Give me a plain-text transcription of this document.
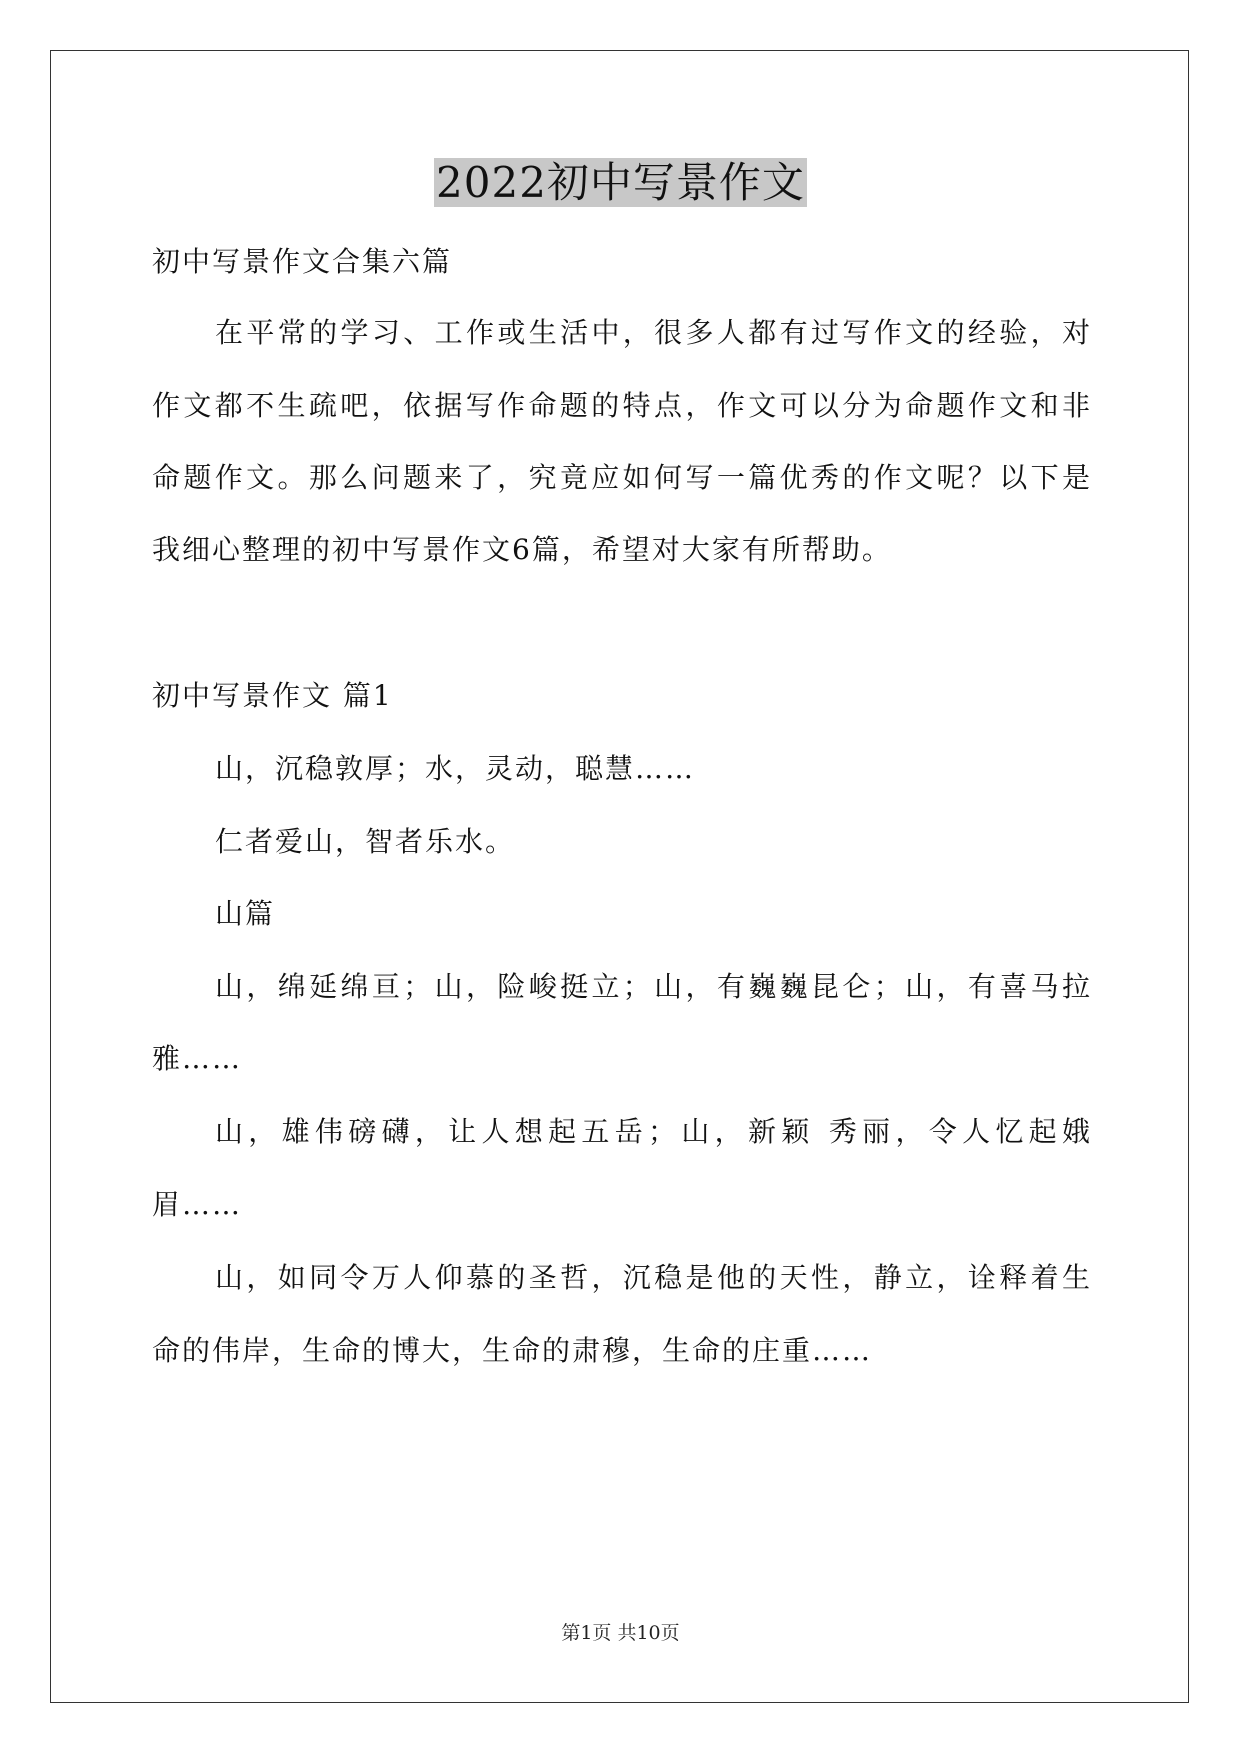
2022初中写景作文
初中写景作文合集六篇
在平常的学习、工作或生活中，很多人都有过写作文的经验，对
作文都不生疏吧，依据写作命题的特点，作文可以分为命题作文和非
命题作文。那么问题来了，究竟应如何写一篇优秀的作文呢？以下是
我细心整理的初中写景作文6篇，希望对大家有所帮助。
初中写景作文 篇1
山，沉稳敦厚；水，灵动，聪慧……
仁者爱山，智者乐水。
山篇
山，绵延绵亘；山，险峻挺立；山，有巍巍昆仑；山，有喜马拉
雅……
山，雄伟磅礴，让人想起五岳；山，新颖 秀丽，令人忆起娥
眉……
山，如同令万人仰慕的圣哲，沉稳是他的天性，静立，诠释着生
命的伟岸，生命的博大，生命的肃穆，生命的庄重……
第1页 共10页
